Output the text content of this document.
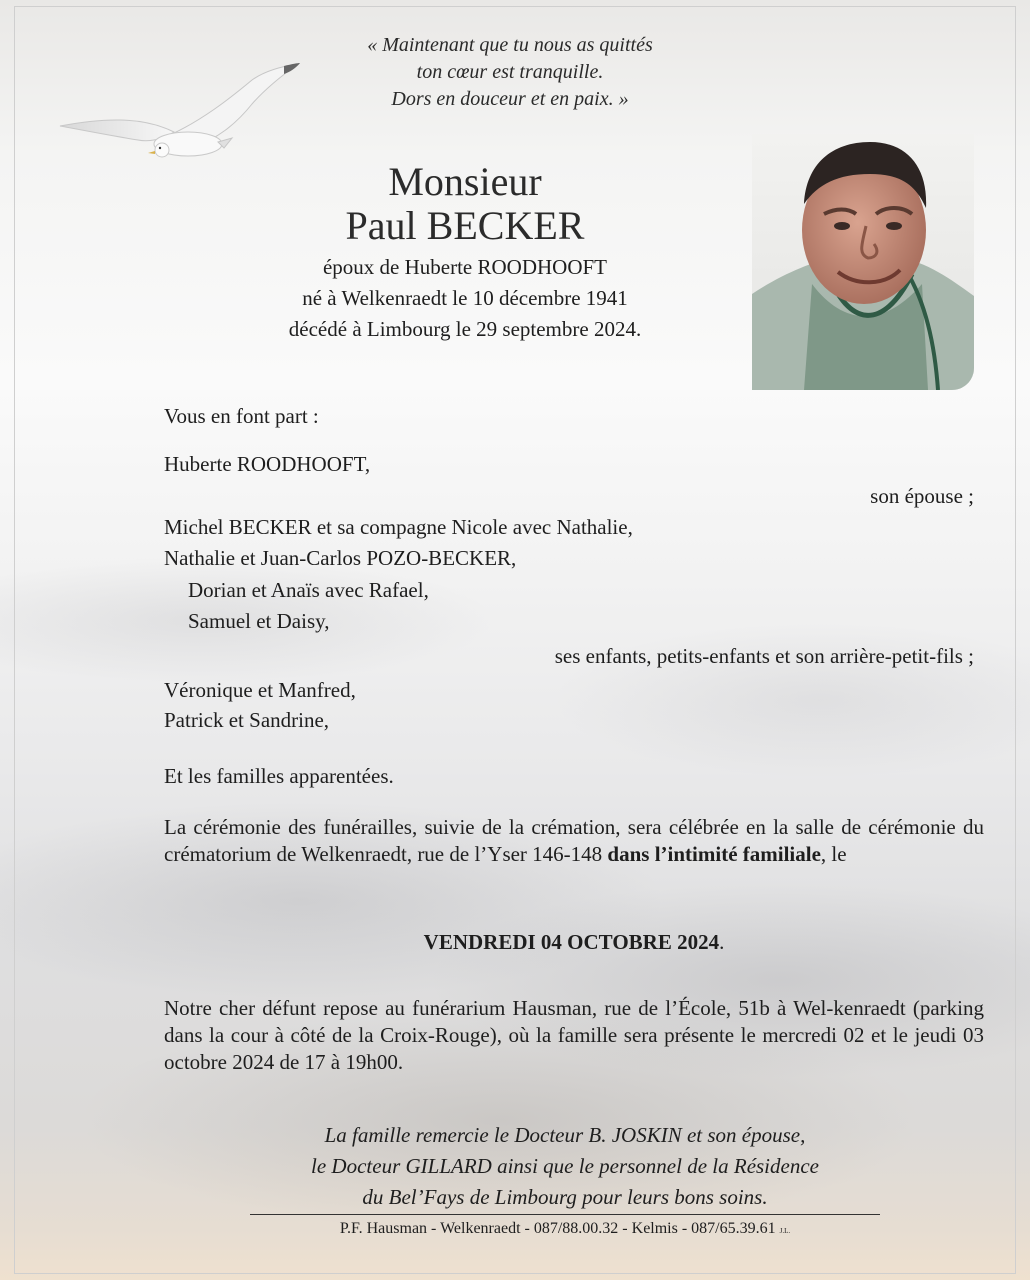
« Maintenant que tu nous as quittés
ton cœur est tranquille.
Dors en douceur et en paix. »
Monsieur
Paul BECKER
époux de Huberte ROODHOOFT
né à Welkenraedt le 10 décembre 1941
décédé à Limbourg le 29 septembre 2024.
Vous en font part :
Huberte ROODHOOFT,
son épouse ;
Michel BECKER et sa compagne Nicole avec Nathalie,
Nathalie et Juan-Carlos POZO-BECKER,
Dorian et Anaïs avec Rafael,
Samuel et Daisy,
ses enfants, petits-enfants et son arrière-petit-fils ;
Véronique et Manfred,
Patrick et Sandrine,
Et les familles apparentées.
La cérémonie des funérailles, suivie de la crémation, sera célébrée en la salle de cérémonie du crématorium de Welkenraedt, rue de l’Yser 146-148 dans l’intimité familiale, le
VENDREDI 04 OCTOBRE 2024.
Notre cher défunt repose au funérarium Hausman, rue de l’École, 51b à Wel-kenraedt (parking dans la cour à côté de la Croix-Rouge), où la famille sera présente le mercredi 02 et le jeudi 03 octobre 2024 de 17 à 19h00.
La famille remercie le Docteur B. JOSKIN et son épouse,
le Docteur GILLARD ainsi que le personnel de la Résidence
du Bel’Fays de Limbourg pour leurs bons soins.
P.F. Hausman - Welkenraedt - 087/88.00.32 - Kelmis - 087/65.39.61 J.L.
